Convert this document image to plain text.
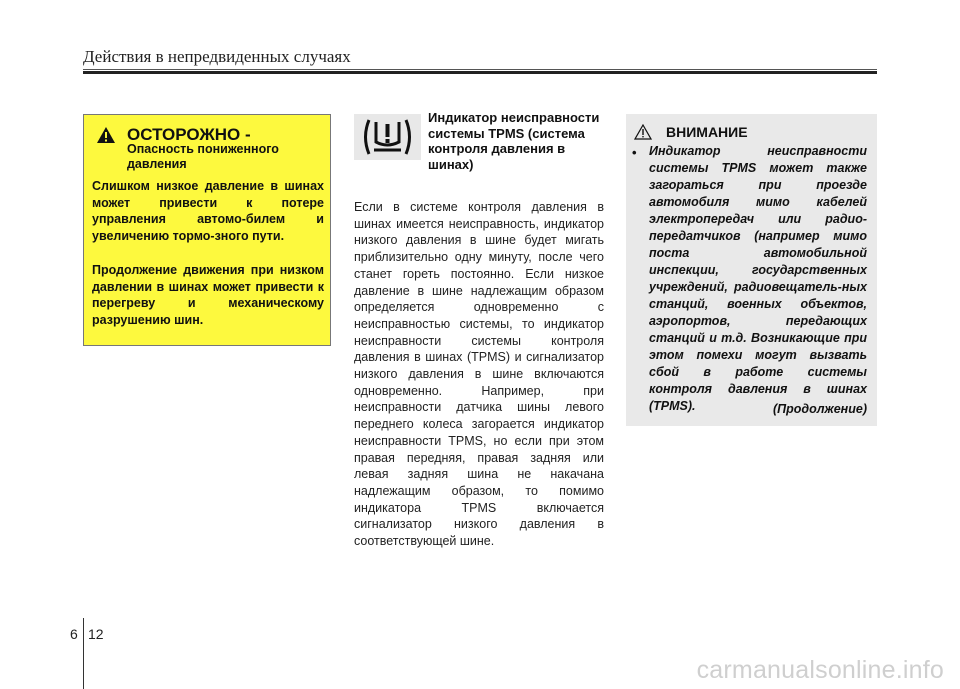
Действия в непредвиденных случаях
ОСТОРОЖНО -
Опасность пониженного давления
Слишком низкое давление в шинах может привести к потере управления автомо-билем и увеличению тормо-зного пути.
Продолжение движения при низком давлении в шинах может привести к перегреву и механическому разрушению шин.
Индикатор неисправности системы TPMS (система контроля давления в шинах)
Если в системе контроля давления в шинах имеется неисправность, индикатор низкого давления в шине будет мигать приблизительно одну минуту, после чего станет гореть постоянно. Если низкое давление в шине надлежащим образом определяется одновременно с неисправностью системы, то индикатор неисправности системы контроля давления в шинах (TPMS) и сигнализатор низкого давления в шине включаются одновременно. Например, при неисправности датчика шины левого переднего колеса загорается индикатор неисправности TPMS, но если при этом правая передняя, правая задняя или левая задняя шина не накачана надлежащим образом, то помимо индикатора TPMS включается сигнализатор низкого давления в соответствующей шине.
ВНИМАНИЕ
• Индикатор неисправности системы TPMS может также загораться при проезде автомобиля мимо кабелей электропередач или радио-передатчиков (например мимо поста автомобильной инспекции, государственных учреждений, радиовещатель-ных станций, военных объектов, аэропортов, передающих станций и т.д. Возникающие при этом помехи могут вызвать сбой в работе системы контроля давления в шинах (TPMS).	(Продолжение)
6 12
carmanualsonline.info
